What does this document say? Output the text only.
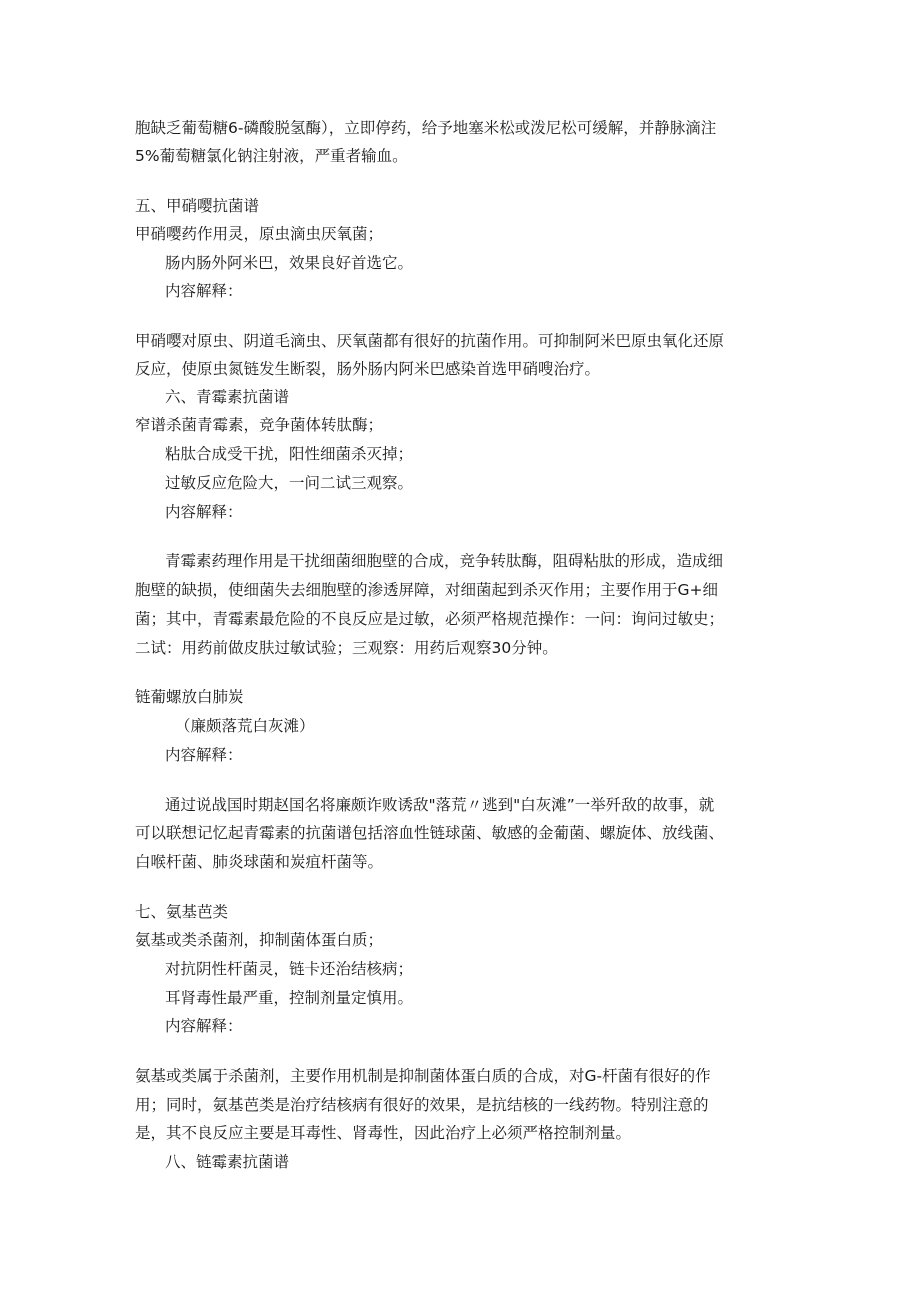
胞缺乏葡萄糖6-磷酸脱氢酶），立即停药，给予地塞米松或泼尼松可缓解，并静脉滴注

5%葡萄糖氯化钠注射液，严重者输血。

五、甲硝嘤抗菌谱

甲硝嘤药作用灵，原虫滴虫厌氧菌；

肠内肠外阿米巴，效果良好首选它。

内容解释：

甲硝嘤对原虫、阴道毛滴虫、厌氧菌都有很好的抗菌作用。可抑制阿米巴原虫氧化还原

反应，使原虫氮链发生断裂，肠外肠内阿米巴感染首选甲硝嗖治疗。

六、青霉素抗菌谱

窄谱杀菌青霉素，竞争菌体转肽酶；

粘肽合成受干扰，阳性细菌杀灭掉；

过敏反应危险大，一问二试三观察。

内容解释：

青霉素药理作用是干扰细菌细胞壁的合成，竞争转肽酶，阻碍粘肽的形成，造成细

胞壁的缺损，使细菌失去细胞壁的渗透屏障，对细菌起到杀灭作用；主要作用于G+细

菌；其中，青霉素最危险的不良反应是过敏，必须严格规范操作：一问：询问过敏史；

二试：用药前做皮肤过敏试验；三观察：用药后观察30分钟。

链葡螺放白肺炭

（廉颇落荒白灰滩）

内容解释：

通过说战国时期赵国名将廉颇诈败诱敌"落荒〃逃到"白灰滩”一举歼敌的故事，就

可以联想记忆起青霉素的抗菌谱包括溶血性链球菌、敏感的金葡菌、螺旋体、放线菌、

白喉杆菌、肺炎球菌和炭疽杆菌等。

七、氨基芭类

氨基或类杀菌剂，抑制菌体蛋白质；

对抗阴性杆菌灵，链卡还治结核病；

耳肾毒性最严重，控制剂量定慎用。

内容解释：

氨基或类属于杀菌剂，主要作用机制是抑制菌体蛋白质的合成，对G-杆菌有很好的作

用；同时，氨基芭类是治疗结核病有很好的效果，是抗结核的一线药物。特别注意的

是，其不良反应主要是耳毒性、肾毒性，因此治疗上必须严格控制剂量。

八、链霉素抗菌谱
